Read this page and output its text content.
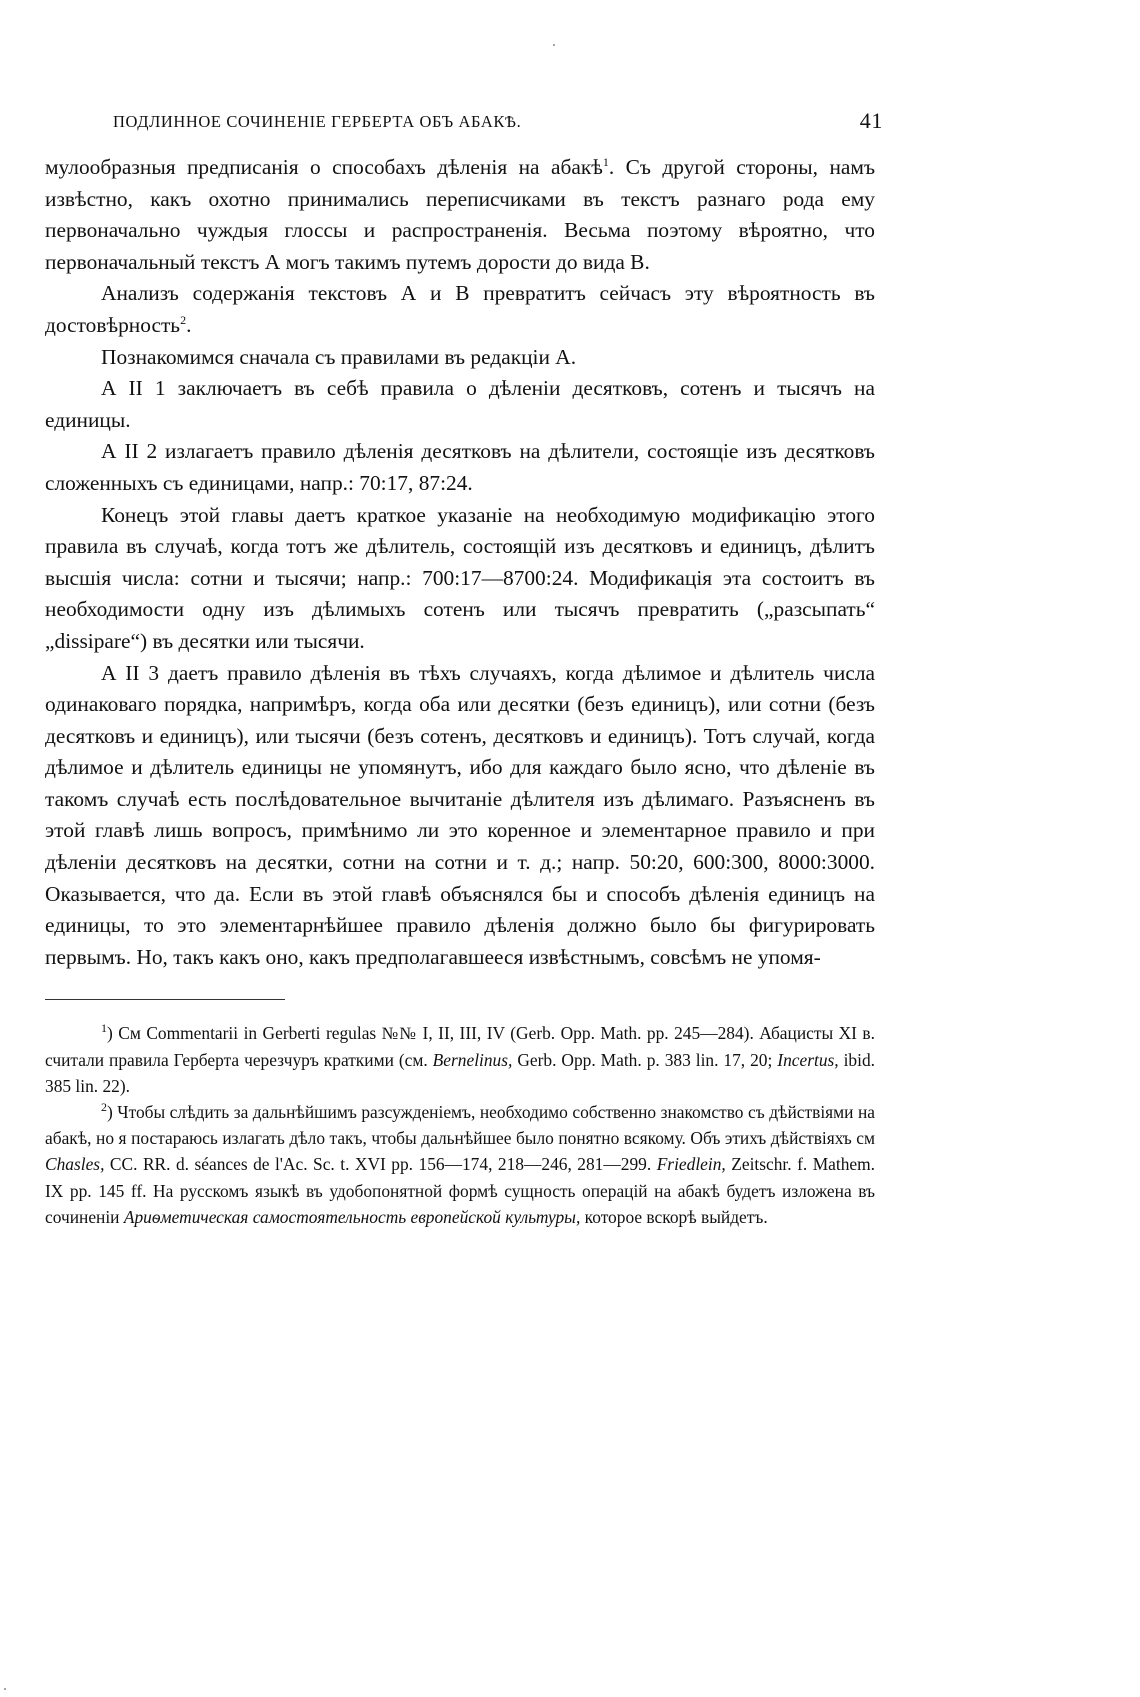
ПОДЛИННОЕ СОЧИНЕНІЕ ГЕРБЕРТА ОБЪ АБАКѢ.	41

мулообразныя предписанія о способахъ дѣленія на абакѣ$^1$. Съ другой стороны, намъ извѣстно, какъ охотно принимались переписчиками въ текстъ разнаго рода ему первоначально чуждыя глоссы и распространенія. Весьма поэтому вѣроятно, что первоначальный текстъ А могъ такимъ путемъ дорости до вида В.

Анализъ содержанія текстовъ А и В превратитъ сейчасъ эту вѣроятность въ достовѣрность$^2$.

Познакомимся сначала съ правилами въ редакціи А.

А II 1 заключаетъ въ себѣ правила о дѣленіи десятковъ, сотенъ и тысячъ на единицы.

А II 2 излагаетъ правило дѣленія десятковъ на дѣлители, состоящіе изъ десятковъ сложенныхъ съ единицами, напр.: 70:17, 87:24.

Конецъ этой главы даетъ краткое указаніе на необходимую модификацію этого правила въ случаѣ, когда тотъ же дѣлитель, состоящій изъ десятковъ и единицъ, дѣлитъ высшія числа: сотни и тысячи; напр.: 700:17—8700:24. Модификація эта состоитъ въ необходимости одну изъ дѣлимыхъ сотенъ или тысячъ превратить („разсыпать“ „dissipare“) въ десятки или тысячи.

А II 3 даетъ правило дѣленія въ тѣхъ случаяхъ, когда дѣлимое и дѣлитель числа одинаковаго порядка, напримѣръ, когда оба или десятки (безъ единицъ), или сотни (безъ десятковъ и единицъ), или тысячи (безъ сотенъ, десятковъ и единицъ). Тотъ случай, когда дѣлимое и дѣлитель единицы не упомянутъ, ибо для каждаго было ясно, что дѣленіе въ такомъ случаѣ есть послѣдовательное вычитаніе дѣлителя изъ дѣлимаго. Разъясненъ въ этой главѣ лишь вопросъ, примѣнимо ли это коренное и элементарное правило и при дѣленіи десятковъ на десятки, сотни на сотни и т. д.; напр. 50:20, 600:300, 8000:3000. Оказывается, что да. Если въ этой главѣ объяснялся бы и способъ дѣленія единицъ на единицы, то это элементарнѣйшее правило дѣленія должно было бы фигурировать первымъ. Но, такъ какъ оно, какъ предполагавшееся извѣстнымъ, совсѣмъ не упомя-

$^1$) См Commentarii in Gerberti regulas №№ I, II, III, IV (Gerb. Opp. Math. pp. 245—284). Абацисты XI в. считали правила Герберта черезчуръ краткими (см. Bernelinus, Gerb. Opp. Math. p. 383 lin. 17, 20; Incertus, ibid. 385 lin. 22).

$^2$) Чтобы слѣдить за дальнѣйшимъ разсужденіемъ, необходимо собственно знакомство съ дѣйствіями на абакѣ, но я постараюсь излагать дѣло такъ, чтобы дальнѣйшее было понятно всякому. Объ этихъ дѣйствіяхъ см Chasles, CC. RR. d. séances de l'Ac. Sc. t. XVI pp. 156—174, 218—246, 281—299. Friedlein, Zeitschr. f. Mathem. IX pp. 145 ff. На русскомъ языкѣ въ удобопонятной формѣ сущность операцій на абакѣ будетъ изложена въ сочиненіи Ариѳметическая самостоятельность европейской культуры, которое вскорѣ выйдетъ.
